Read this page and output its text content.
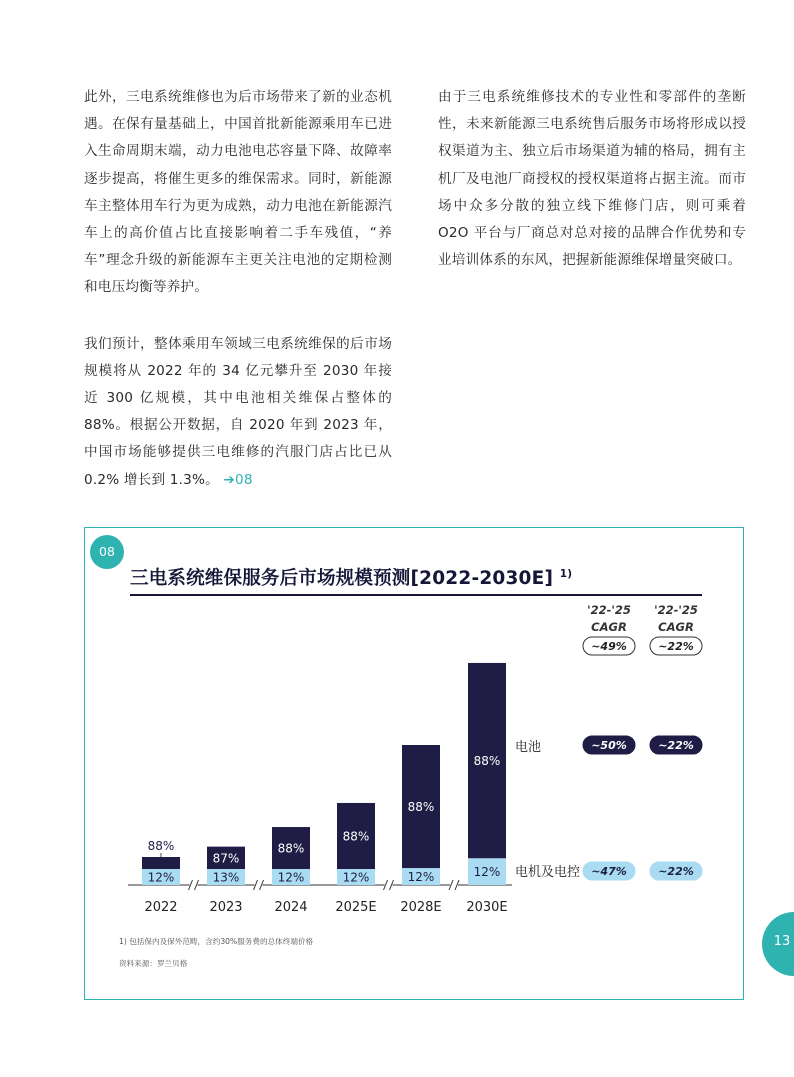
此外，三电系统维修也为后市场带来了新的业态机遇。在保有量基础上，中国首批新能源乘用车已进入生命周期末端，动力电池电芯容量下降、故障率逐步提高，将催生更多的维保需求。同时，新能源车主整体用车行为更为成熟，动力电池在新能源汽车上的高价值占比直接影响着二手车残值，“养车”理念升级的新能源车主更关注电池的定期检测和电压均衡等养护。

我们预计，整体乘用车领域三电系统维保的后市场规模将从 2022 年的 34 亿元攀升至 2030 年接近 300 亿规模，其中电池相关维保占整体的 88%。根据公开数据，自 2020 年到 2023 年，中国市场能够提供三电维修的汽服门店占比已从 0.2% 增长到 1.3%。 ➔08

由于三电系统维修技术的专业性和零部件的垄断性，未来新能源三电系统售后服务市场将形成以授权渠道为主、独立后市场渠道为辅的格局，拥有主机厂及电池厂商授权的授权渠道将占据主流。而市场中众多分散的独立线下维修门店，则可乘着 O2O 平台与厂商总对总对接的品牌合作优势和专业培训体系的东风，把握新能源维保增量突破口。

08
三电系统维保服务后市场规模预测[2022-2030E] $^{1)}$
12%
88%
2022
13%
87%
2023
12%
88%
2024
12%
88%
2025E
12%
88%
2028E
12%
88%
2030E
电池
电机及电控
'22-'25
CAGR
'22-'25
CAGR
~49%	~22%
~50%	~22%
~47%	~22%
1) 包括保内及保外范畴，含约30%服务费的总体终端价格
资料来源：罗兰贝格
13
